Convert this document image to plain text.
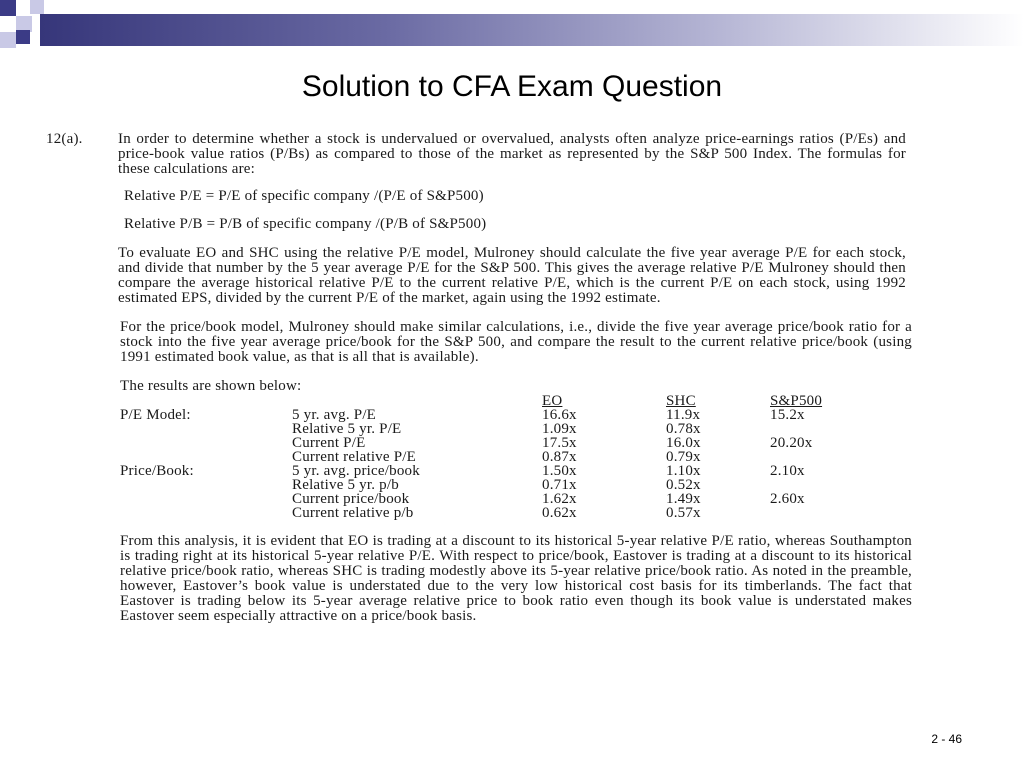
Solution to CFA Exam Question
12(a). In order to determine whether a stock is undervalued or overvalued, analysts often analyze price-earnings ratios (P/Es) and price-book value ratios (P/Bs) as compared to those of the market as represented by the S&P 500 Index. The formulas for these calculations are:

Relative P/E = P/E of specific company /(P/E of S&P500)
Relative P/B = P/B of specific company /(P/B of S&P500)

To evaluate EO and SHC using the relative P/E model, Mulroney should calculate the five year average P/E for each stock, and divide that number by the 5 year average P/E for the S&P 500. This gives the average relative P/E Mulroney should then compare the average historical relative P/E to the current relative P/E, which is the current P/E on each stock, using 1992 estimated EPS, divided by the current P/E of the market, again using the 1992 estimate.

For the price/book model, Mulroney should make similar calculations, i.e., divide the five year average price/book ratio for a stock into the five year average price/book for the S&P 500, and compare the result to the current relative price/book (using 1991 estimated book value, as that is all that is available).

The results are shown below:

		EO	SHC	S&P500
P/E Model:	5 yr. avg. P/E	16.6x	11.9x	15.2x
	Relative 5 yr. P/E	1.09x	0.78x	
	Current P/E	17.5x	16.0x	20.20x
	Current relative P/E	0.87x	0.79x	
Price/Book:	5 yr. avg. price/book	1.50x	1.10x	2.10x
	Relative 5 yr. p/b	0.71x	0.52x	
	Current price/book	1.62x	1.49x	2.60x
	Current relative p/b	0.62x	0.57x	

From this analysis, it is evident that EO is trading at a discount to its historical 5-year relative P/E ratio, whereas Southampton is trading right at its historical 5-year relative P/E. With respect to price/book, Eastover is trading at a discount to its historical relative price/book ratio, whereas SHC is trading modestly above its 5-year relative price/book ratio. As noted in the preamble, however, Eastover’s book value is understated due to the very low historical cost basis for its timberlands. The fact that Eastover is trading below its 5-year average relative price to book ratio even though its book value is understated makes Eastover seem especially attractive on a price/book basis.

2 - 46
